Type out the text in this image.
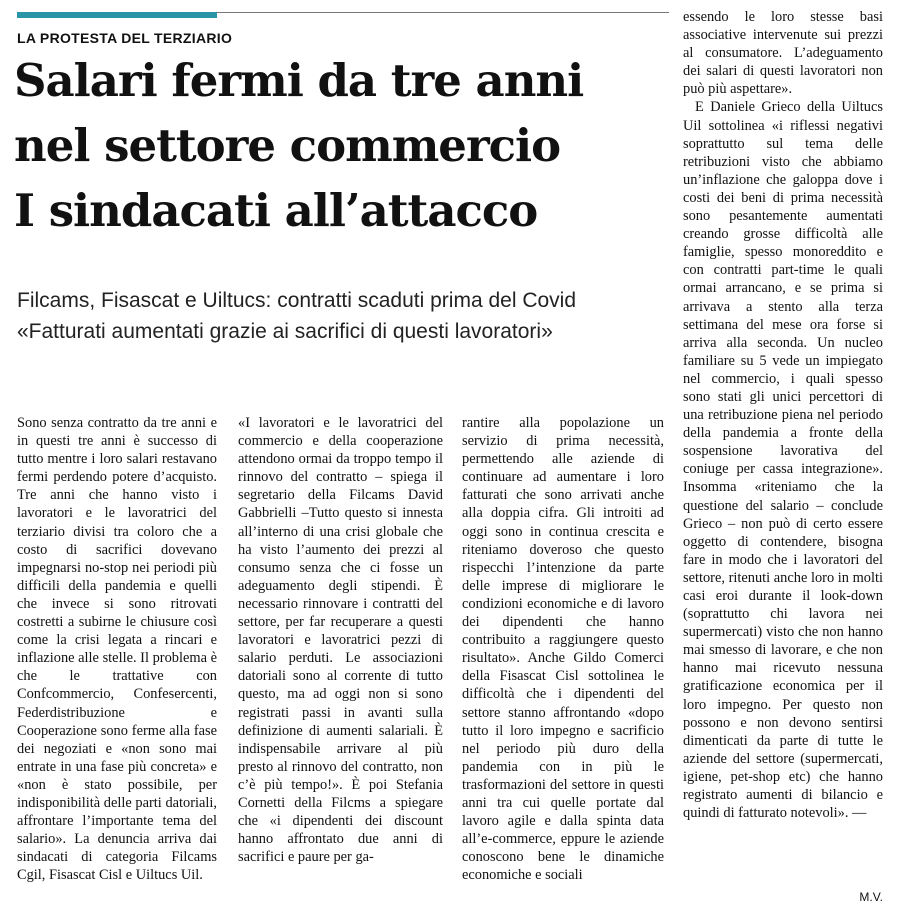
LA PROTESTA DEL TERZIARIO
Salari fermi da tre anni
nel settore commercio
I sindacati all’attacco
Filcams, Fisascat e Uiltucs: contratti scaduti prima del Covid
«Fatturati aumentati grazie ai sacrifici di questi lavoratori»

Sono senza contratto da tre anni e in questi tre anni è successo di tutto mentre i loro salari restavano fermi perdendo potere d’acquisto. Tre anni che hanno visto i lavoratori e le lavoratrici del terziario divisi tra coloro che a costo di sacrifici dovevano impegnarsi no-stop nei periodi più difficili della pandemia e quelli che invece si sono ritrovati costretti a subirne le chiusure così come la crisi legata a rincari e inflazione alle stelle. Il problema è che le trattative con Confcommercio, Confesercenti, Federdistribuzione e Cooperazione sono ferme alla fase dei negoziati e «non sono mai entrate in una fase più concreta» e «non è stato possibile, per indisponibilità delle parti datoriali, affrontare l’importante tema del salario». La denuncia arriva dai sindacati di categoria Filcams Cgil, Fisascat Cisl e Uiltucs Uil.

«I lavoratori e le lavoratrici del commercio e della cooperazione attendono ormai da troppo tempo il rinnovo del contratto – spiega il segretario della Filcams David Gabbrielli –Tutto questo si innesta all’interno di una crisi globale che ha visto l’aumento dei prezzi al consumo senza che ci fosse un adeguamento degli stipendi. È necessario rinnovare i contratti del settore, per far recuperare a questi lavoratori e lavoratrici pezzi di salario perduti. Le associazioni datoriali sono al corrente di tutto questo, ma ad oggi non si sono registrati passi in avanti sulla definizione di aumenti salariali. È indispensabile arrivare al più presto al rinnovo del contratto, non c’è più tempo!». È poi Stefania Cornetti della Filcms a spiegare che «i dipendenti dei discount hanno affrontato due anni di sacrifici e paure per ga-

rantire alla popolazione un servizio di prima necessità, permettendo alle aziende di continuare ad aumentare i loro fatturati che sono arrivati anche alla doppia cifra. Gli introiti ad oggi sono in continua crescita e riteniamo doveroso che questo rispecchi l’intenzione da parte delle imprese di migliorare le condizioni economiche e di lavoro dei dipendenti che hanno contribuito a raggiungere questo risultato». Anche Gildo Comerci della Fisascat Cisl sottolinea le difficoltà che i dipendenti del settore stanno affrontando «dopo tutto il loro impegno e sacrificio nel periodo più duro della pandemia con in più le trasformazioni del settore in questi anni tra cui quelle portate dal lavoro agile e dalla spinta data all’e-commerce, eppure le aziende conoscono bene le dinamiche economiche e sociali

essendo le loro stesse basi associative intervenute sui prezzi al consumatore. L’adeguamento dei salari di questi lavoratori non può più aspettare».

E Daniele Grieco della Uiltucs Uil sottolinea «i riflessi negativi soprattutto sul tema delle retribuzioni visto che abbiamo un’inflazione che galoppa dove i costi dei beni di prima necessità sono pesantemente aumentati creando grosse difficoltà alle famiglie, spesso monoreddito e con contratti part-time le quali ormai arrancano, e se prima si arrivava a stento alla terza settimana del mese ora forse si arriva alla seconda. Un nucleo familiare su 5 vede un impiegato nel commercio, i quali spesso sono stati gli unici percettori di una retribuzione piena nel periodo della pandemia a fronte della sospensione lavorativa del coniuge per cassa integrazione». Insomma «riteniamo che la questione del salario – conclude Grieco – non può di certo essere oggetto di contendere, bisogna fare in modo che i lavoratori del settore, ritenuti anche loro in molti casi eroi durante il look-down (soprattutto chi lavora nei supermercati) visto che non hanno mai smesso di lavorare, e che non hanno mai ricevuto nessuna gratificazione economica per il loro impegno. Per questo non possono e non devono sentirsi dimenticati da parte di tutte le aziende del settore (supermercati, igiene, pet-shop etc) che hanno registrato aumenti di bilancio e quindi di fatturato notevoli». —

M.V.
